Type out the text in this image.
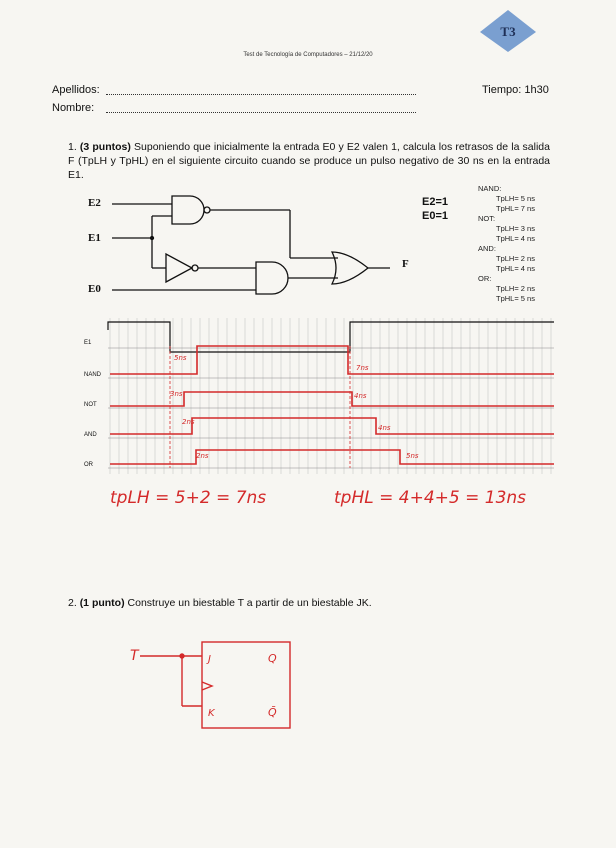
Test de Tecnología de Computadores – 21/12/20
T3
Apellidos:	Tiempo: 1h30
Nombre:
1. (3 puntos) Suponiendo que inicialmente la entrada E0 y E2 valen 1, calcula los retrasos de la salida F (TpLH y TpHL) en el siguiente circuito cuando se produce un pulso negativo de 30 ns en la entrada E1.
E2
E1
E0
F
E2=1
E0=1
NAND:
TpLH= 5 ns
TpHL= 7 ns
NOT:
TpLH= 3 ns
TpHL= 4 ns
AND:
TpLH= 2 ns
TpHL= 4 ns
OR:
TpLH= 2 ns
TpHL= 5 ns
5ns
7ns
3ns	4ns
2ns
4ns
2ns	5ns
E1
NAND
NOT
AND
OR
tpLH = 5+2 = 7ns	tpHL = 4+4+5 = 13ns
2. (1 punto) Construye un biestable T a partir de un biestable JK.
T	J
K
Q
Q̄
